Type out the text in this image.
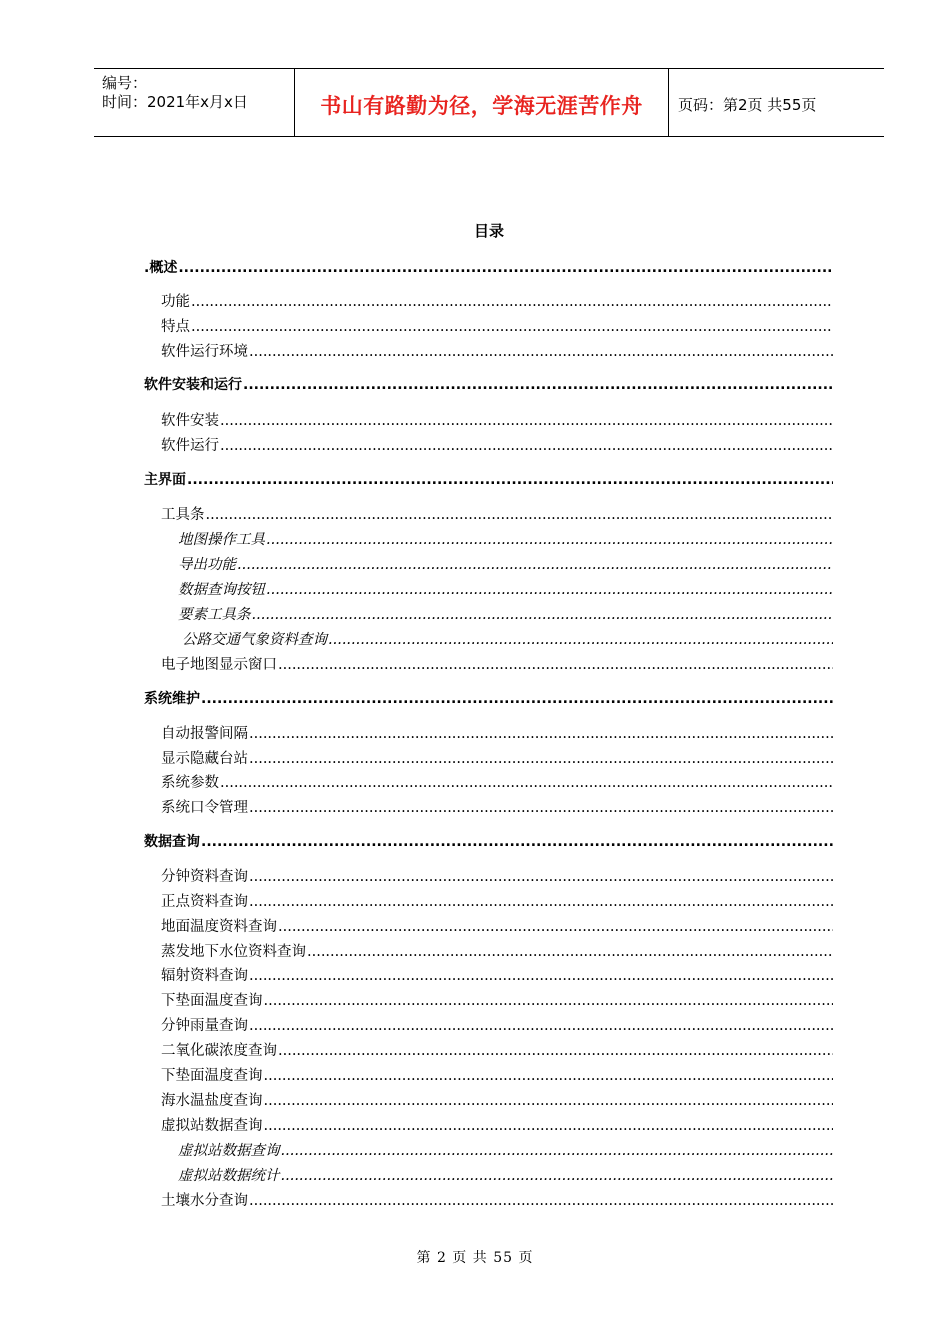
编号：
时间：2021年x月x日	书山有路勤为径，学海无涯苦作舟	页码：第2页 共55页
目录
.概述
.....
功能
.....
特点
.....
软件运行环境
.....
软件安装和运行
.....
软件安装
.....
软件运行
.....
主界面
.....
工具条
.....
地图操作工具
.....
导出功能
.....
数据查询按钮
.....
要素工具条
.....
公路交通气象资料查询
.....
电子地图显示窗口
.....
系统维护
.....
自动报警间隔
.....
显示隐藏台站
.....
系统参数
.....
系统口令管理
.....
数据查询
.....
分钟资料查询
.....
正点资料查询
.....
地面温度资料查询
.....
蒸发地下水位资料查询
.....
辐射资料查询
.....
下垫面温度查询
.....
分钟雨量查询
.....
二氧化碳浓度查询
.....
下垫面温度查询
.....
海水温盐度查询
.....
虚拟站数据查询
.....
虚拟站数据查询
.....
虚拟站数据统计
.....
土壤水分查询
.....
第 2 页 共 55 页
